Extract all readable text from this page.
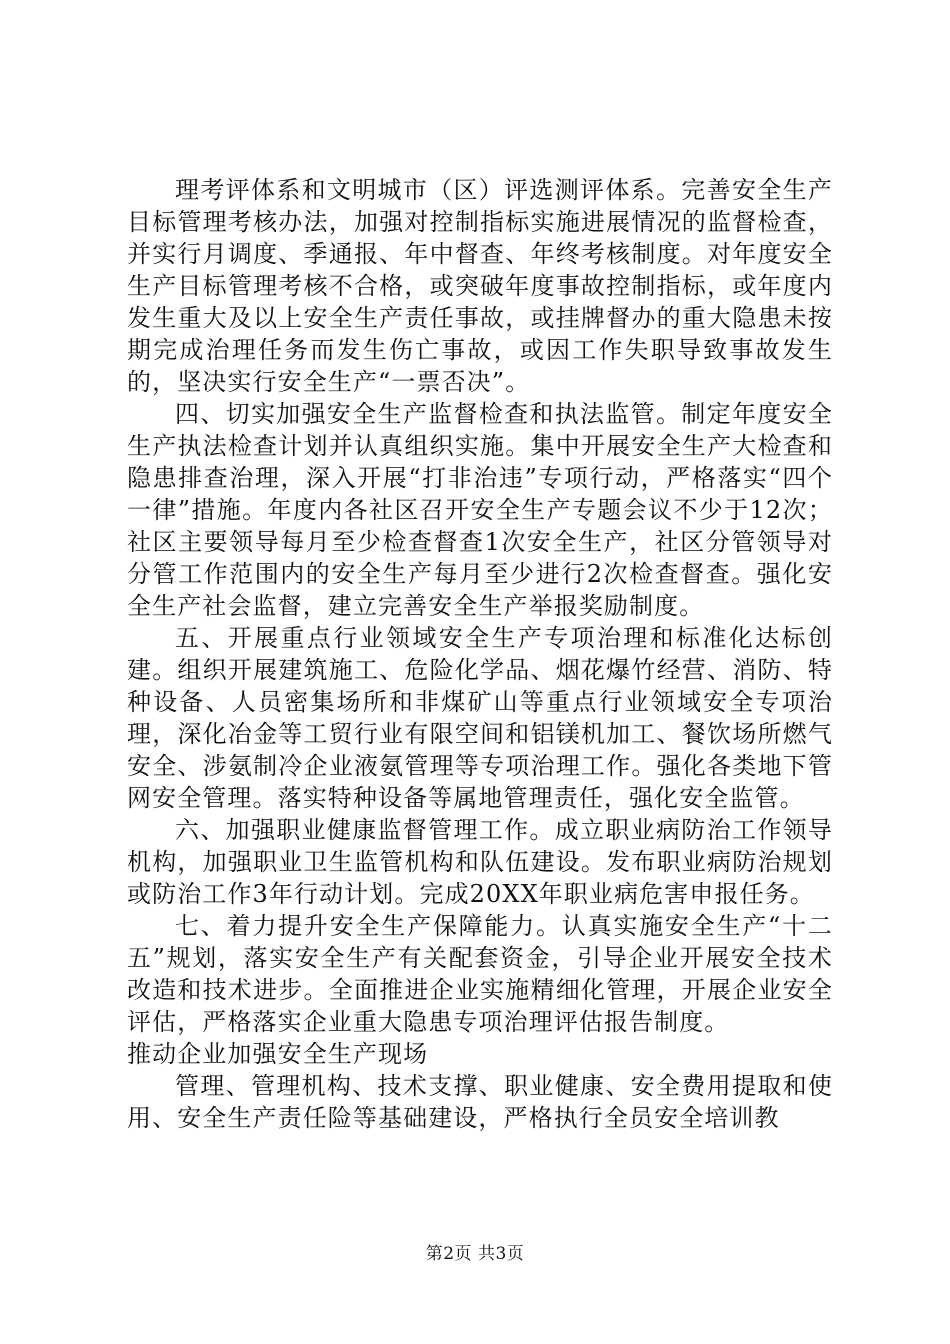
理考评体系和文明城市（区）评选测评体系。完善安全生产目标管理考核办法，加强对控制指标实施进展情况的监督检查，并实行月调度、季通报、年中督查、年终考核制度。对年度安全生产目标管理考核不合格，或突破年度事故控制指标，或年度内发生重大及以上安全生产责任事故，或挂牌督办的重大隐患未按期完成治理任务而发生伤亡事故，或因工作失职导致事故发生的，坚决实行安全生产“一票否决”。

四、切实加强安全生产监督检查和执法监管。制定年度安全生产执法检查计划并认真组织实施。集中开展安全生产大检查和隐患排查治理，深入开展“打非治违”专项行动，严格落实“四个一律”措施。年度内各社区召开安全生产专题会议不少于12次；社区主要领导每月至少检查督查1次安全生产，社区分管领导对分管工作范围内的安全生产每月至少进行2次检查督查。强化安全生产社会监督，建立完善安全生产举报奖励制度。

五、开展重点行业领域安全生产专项治理和标准化达标创建。组织开展建筑施工、危险化学品、烟花爆竹经营、消防、特种设备、人员密集场所和非煤矿山等重点行业领域安全专项治理，深化冶金等工贸行业有限空间和铝镁机加工、餐饮场所燃气安全、涉氨制冷企业液氨管理等专项治理工作。强化各类地下管网安全管理。落实特种设备等属地管理责任，强化安全监管。

六、加强职业健康监督管理工作。成立职业病防治工作领导机构，加强职业卫生监管机构和队伍建设。发布职业病防治规划或防治工作3年行动计划。完成20XX年职业病危害申报任务。

七、着力提升安全生产保障能力。认真实施安全生产“十二五”规划，落实安全生产有关配套资金，引导企业开展安全技术改造和技术进步。全面推进企业实施精细化管理，开展企业安全评估，严格落实企业重大隐患专项治理评估报告制度。

推动企业加强安全生产现场

管理、管理机构、技术支撑、职业健康、安全费用提取和使用、安全生产责任险等基础建设，严格执行全员安全培训教

第2页 共3页
